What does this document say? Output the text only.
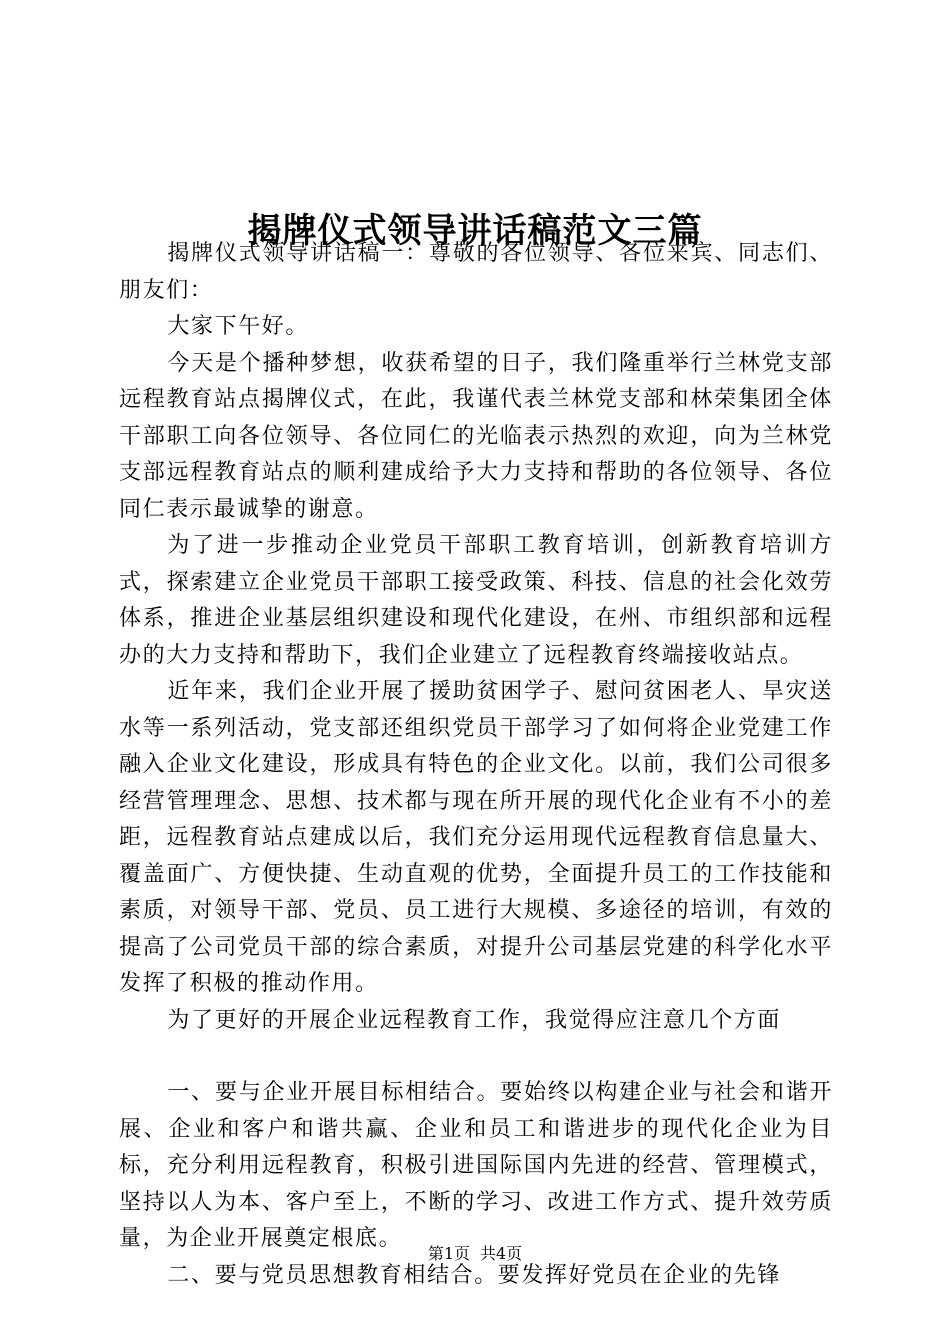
揭牌仪式领导讲话稿范文三篇

揭牌仪式领导讲话稿一：尊敬的各位领导、各位来宾、同志们、朋友们：

大家下午好。

今天是个播种梦想，收获希望的日子，我们隆重举行兰林党支部远程教育站点揭牌仪式，在此，我谨代表兰林党支部和林荣集团全体干部职工向各位领导、各位同仁的光临表示热烈的欢迎，向为兰林党支部远程教育站点的顺利建成给予大力支持和帮助的各位领导、各位同仁表示最诚挚的谢意。

为了进一步推动企业党员干部职工教育培训，创新教育培训方式，探索建立企业党员干部职工接受政策、科技、信息的社会化效劳体系，推进企业基层组织建设和现代化建设，在州、市组织部和远程办的大力支持和帮助下，我们企业建立了远程教育终端接收站点。

近年来，我们企业开展了援助贫困学子、慰问贫困老人、旱灾送水等一系列活动，党支部还组织党员干部学习了如何将企业党建工作融入企业文化建设，形成具有特色的企业文化。以前，我们公司很多经营管理理念、思想、技术都与现在所开展的现代化企业有不小的差距，远程教育站点建成以后，我们充分运用现代远程教育信息量大、覆盖面广、方便快捷、生动直观的优势，全面提升员工的工作技能和素质，对领导干部、党员、员工进行大规模、多途径的培训，有效的提高了公司党员干部的综合素质，对提升公司基层党建的科学化水平发挥了积极的推动作用。

为了更好的开展企业远程教育工作，我觉得应注意几个方面

一、要与企业开展目标相结合。要始终以构建企业与社会和谐开展、企业和客户和谐共赢、企业和员工和谐进步的现代化企业为目标，充分利用远程教育，积极引进国际国内先进的经营、管理模式，坚持以人为本、客户至上，不断的学习、改进工作方式、提升效劳质量，为企业开展奠定根底。

二、要与党员思想教育相结合。要发挥好党员在企业的先锋

第1页 共4页
